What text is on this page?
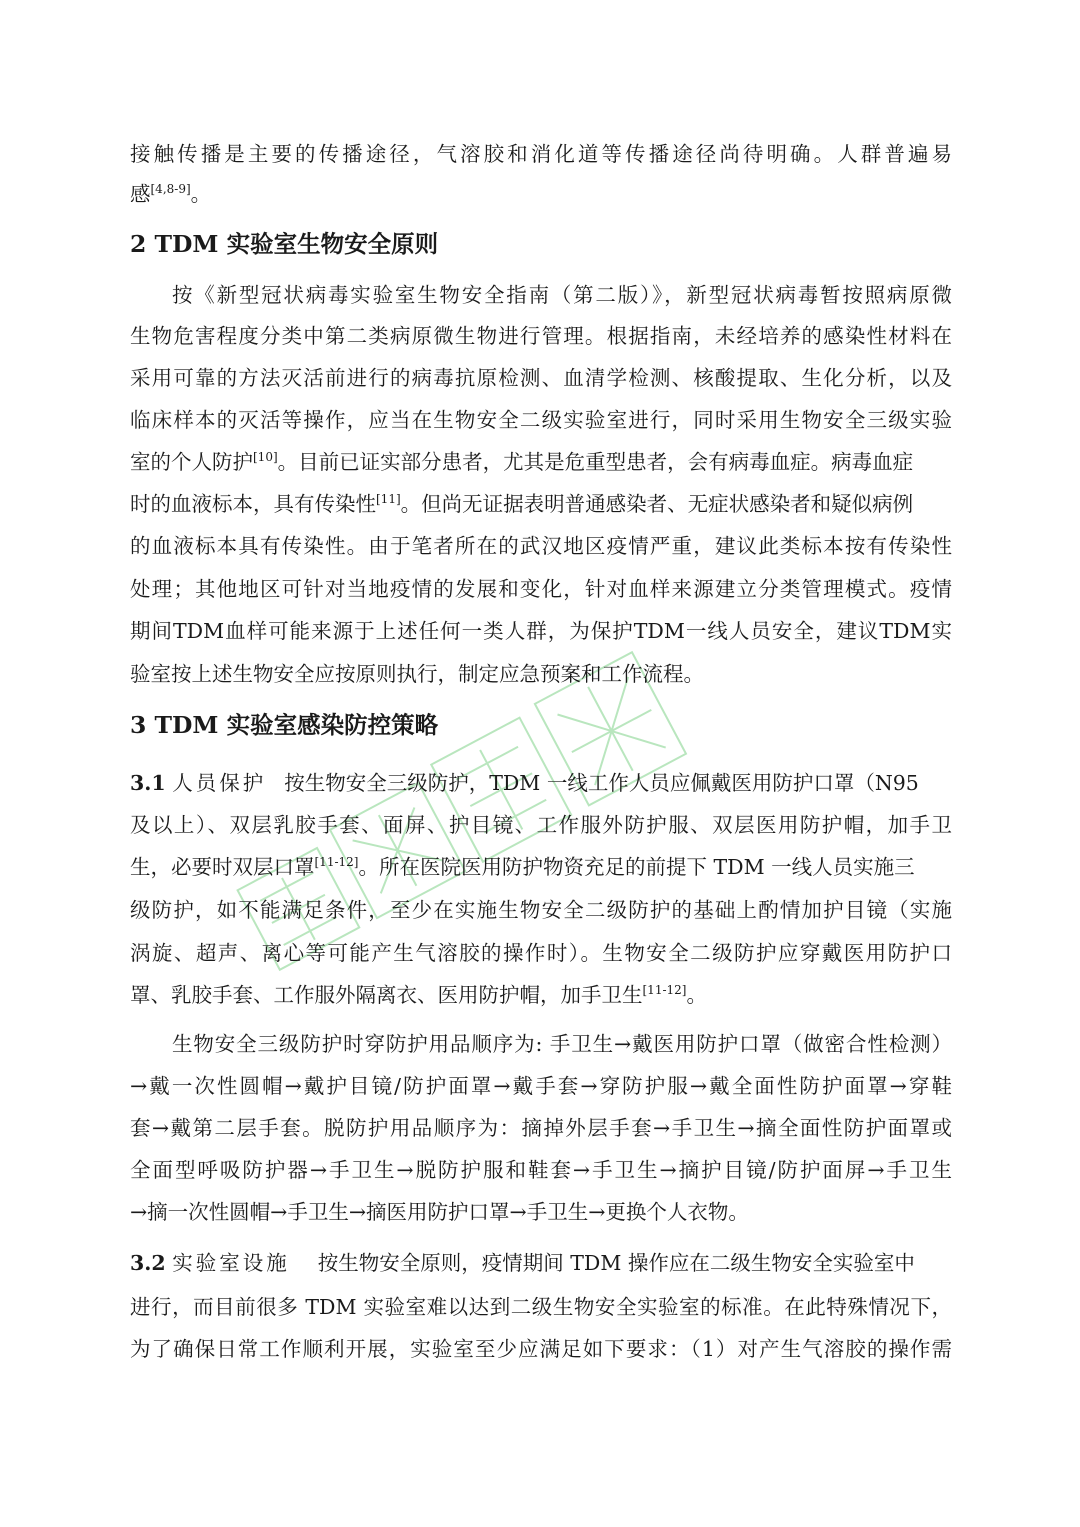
接触传播是主要的传播途径，气溶胶和消化道等传播途径尚待明确。人群普遍易
感[4,8-9]。
2 TDM 实验室生物安全原则
按《新型冠状病毒实验室生物安全指南（第二版）》，新型冠状病毒暂按照病原微
生物危害程度分类中第二类病原微生物进行管理。根据指南，未经培养的感染性材料在
采用可靠的方法灭活前进行的病毒抗原检测、血清学检测、核酸提取、生化分析，以及
临床样本的灭活等操作，应当在生物安全二级实验室进行，同时采用生物安全三级实验
室的个人防护[10]。目前已证实部分患者，尤其是危重型患者，会有病毒血症。病毒血症
时的血液标本，具有传染性[11]。但尚无证据表明普通感染者、无症状感染者和疑似病例
的血液标本具有传染性。由于笔者所在的武汉地区疫情严重，建议此类标本按有传染性
处理；其他地区可针对当地疫情的发展和变化，针对血样来源建立分类管理模式。疫情
期间TDM血样可能来源于上述任何一类人群，为保护TDM一线人员安全，建议TDM实
验室按上述生物安全应按原则执行，制定应急预案和工作流程。
3 TDM 实验室感染防控策略
3.1 人员保护 按生物安全三级防护，TDM 一线工作人员应佩戴医用防护口罩（N95
及以上）、双层乳胶手套、面屏、护目镜、工作服外防护服、双层医用防护帽，加手卫
生，必要时双层口罩[11-12]。所在医院医用防护物资充足的前提下 TDM 一线人员实施三
级防护，如不能满足条件，至少在实施生物安全二级防护的基础上酌情加护目镜（实施
涡旋、超声、离心等可能产生气溶胶的操作时）。生物安全二级防护应穿戴医用防护口
罩、乳胶手套、工作服外隔离衣、医用防护帽，加手卫生[11-12]。
生物安全三级防护时穿防护用品顺序为: 手卫生→戴医用防护口罩（做密合性检测）
→戴一次性圆帽→戴护目镜/防护面罩→戴手套→穿防护服→戴全面性防护面罩→穿鞋
套→戴第二层手套。脱防护用品顺序为：摘掉外层手套→手卫生→摘全面性防护面罩或
全面型呼吸防护器→手卫生→脱防护服和鞋套→手卫生→摘护目镜/防护面屏→手卫生
→摘一次性圆帽→手卫生→摘医用防护口罩→手卫生→更换个人衣物。
3.2 实验室设施 按生物安全原则，疫情期间 TDM 操作应在二级生物安全实验室中
进行，而目前很多 TDM 实验室难以达到二级生物安全实验室的标准。在此特殊情况下，
为了确保日常工作顺利开展，实验室至少应满足如下要求：（1）对产生气溶胶的操作需
